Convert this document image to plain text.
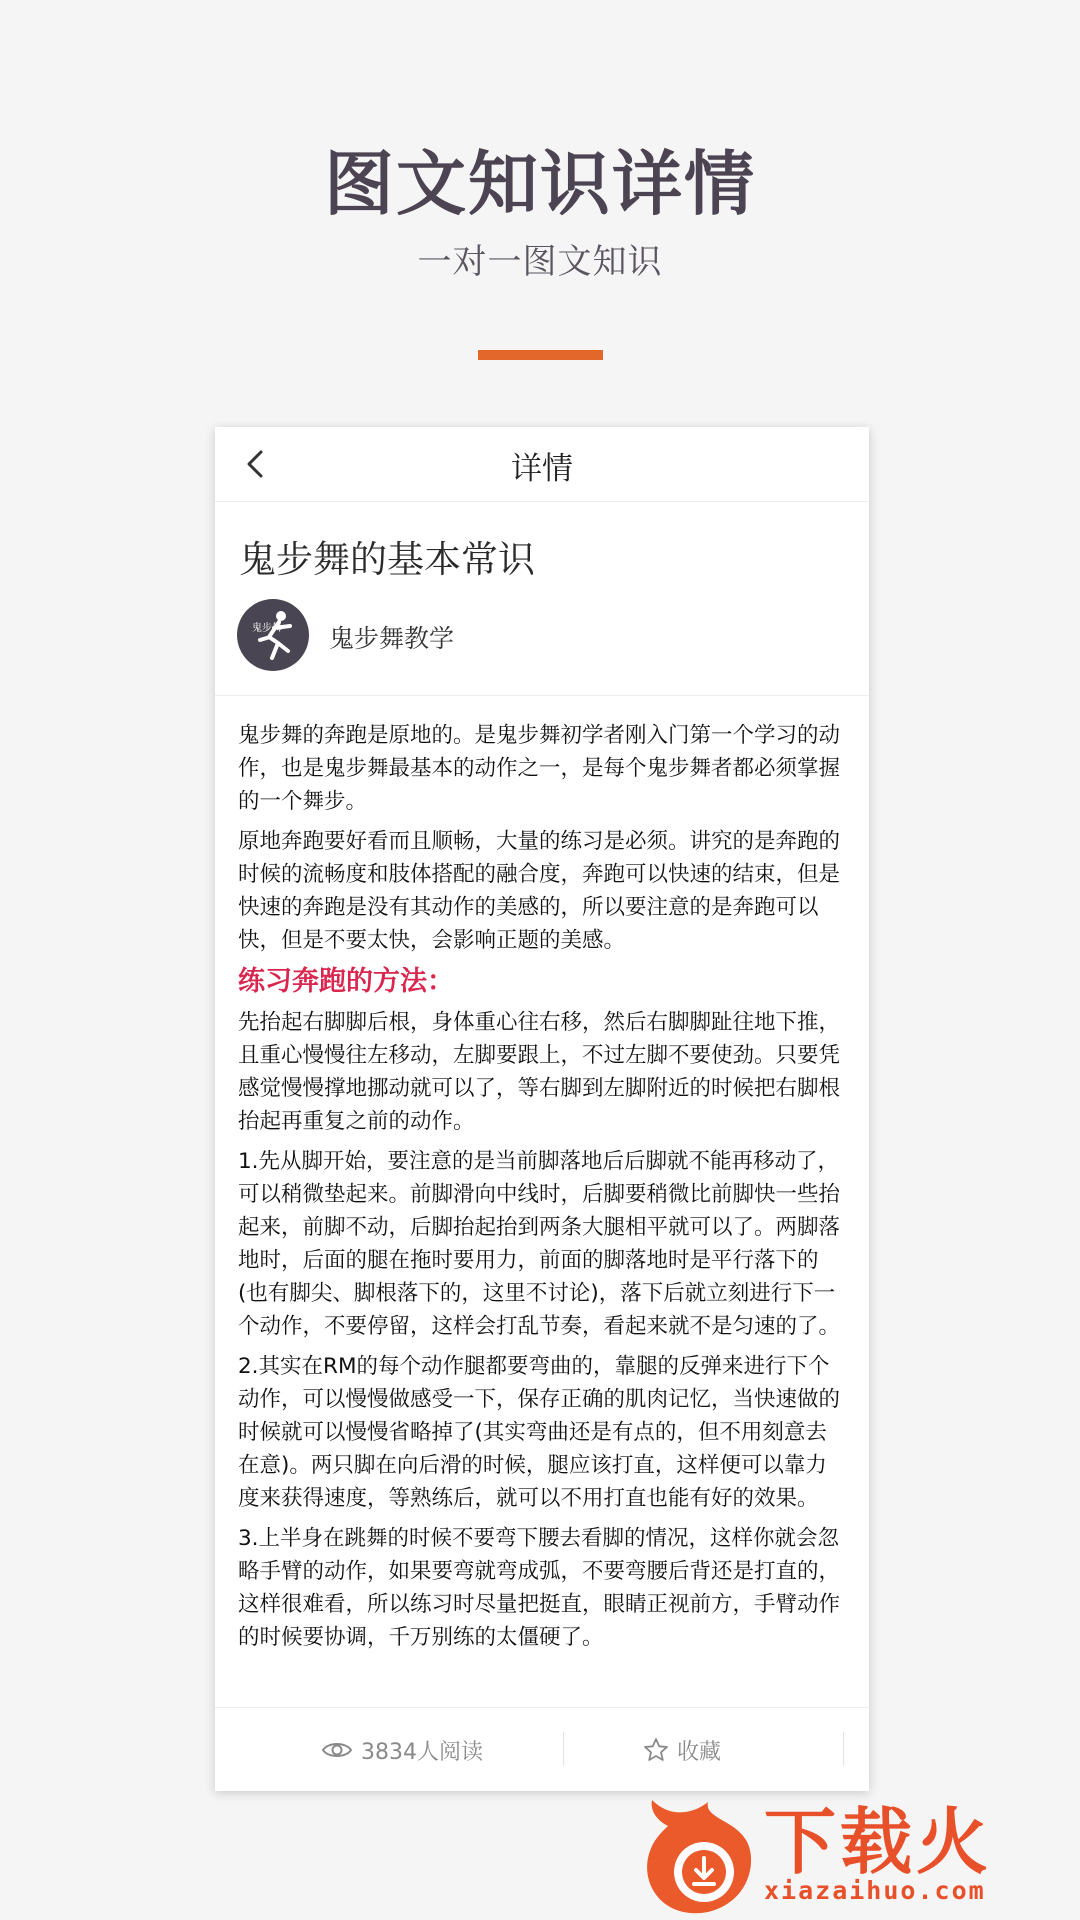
图文知识详情
一对一图文知识
详情
鬼步舞的基本常识
鬼步舞 鬼步舞教学

鬼步舞的奔跑是原地的。是鬼步舞初学者刚入门第一个学习的动作，也是鬼步舞最基本的动作之一，是每个鬼步舞者都必须掌握的一个舞步。

原地奔跑要好看而且顺畅，大量的练习是必须。讲究的是奔跑的时候的流畅度和肢体搭配的融合度，奔跑可以快速的结束，但是快速的奔跑是没有其动作的美感的，所以要注意的是奔跑可以快，但是不要太快，会影响正题的美感。

练习奔跑的方法：

先抬起右脚脚后根，身体重心往右移，然后右脚脚趾往地下推，且重心慢慢往左移动，左脚要跟上，不过左脚不要使劲。只要凭感觉慢慢撑地挪动就可以了，等右脚到左脚附近的时候把右脚根抬起再重复之前的动作。

1.先从脚开始，要注意的是当前脚落地后后脚就不能再移动了，可以稍微垫起来。前脚滑向中线时，后脚要稍微比前脚快一些抬起来，前脚不动，后脚抬起抬到两条大腿相平就可以了。两脚落地时，后面的腿在拖时要用力，前面的脚落地时是平行落下的(也有脚尖、脚根落下的，这里不讨论)，落下后就立刻进行下一个动作，不要停留，这样会打乱节奏，看起来就不是匀速的了。

2.其实在RM的每个动作腿都要弯曲的，靠腿的反弹来进行下个动作，可以慢慢做感受一下，保存正确的肌肉记忆，当快速做的时候就可以慢慢省略掉了(其实弯曲还是有点的，但不用刻意去在意)。两只脚在向后滑的时候，腿应该打直，这样便可以靠力度来获得速度，等熟练后，就可以不用打直也能有好的效果。

3.上半身在跳舞的时候不要弯下腰去看脚的情况，这样你就会忽略手臂的动作，如果要弯就弯成弧，不要弯腰后背还是打直的，这样很难看，所以练习时尽量把挺直，眼睛正视前方，手臂动作的时候要协调，千万别练的太僵硬了。

3834人阅读	收藏
下载火
xiazaihuo.com
